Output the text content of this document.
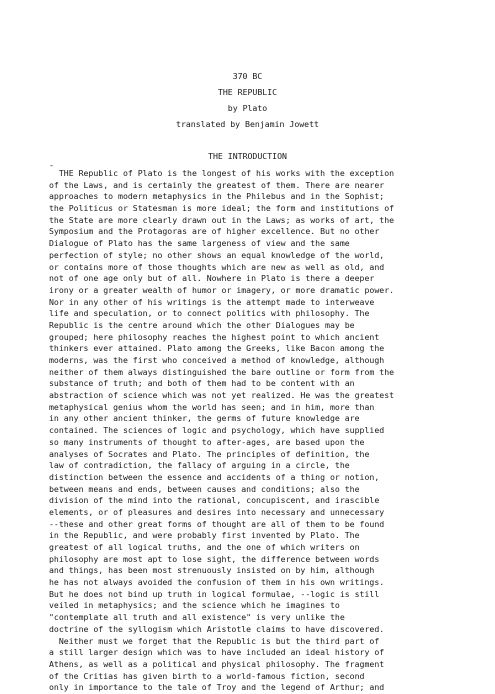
370 BC
THE REPUBLIC
by Plato
translated by Benjamin Jowett
THE INTRODUCTION
-
THE Republic of Plato is the longest of his works with the exception
of the Laws, and is certainly the greatest of them. There are nearer
approaches to modern metaphysics in the Philebus and in the Sophist;
the Politicus or Statesman is more ideal; the form and institutions of
the State are more clearly drawn out in the Laws; as works of art, the
Symposium and the Protagoras are of higher excellence. But no other
Dialogue of Plato has the same largeness of view and the same
perfection of style; no other shows an equal knowledge of the world,
or contains more of those thoughts which are new as well as old, and
not of one age only but of all. Nowhere in Plato is there a deeper
irony or a greater wealth of humor or imagery, or more dramatic power.
Nor in any other of his writings is the attempt made to interweave
life and speculation, or to connect politics with philosophy. The
Republic is the centre around which the other Dialogues may be
grouped; here philosophy reaches the highest point to which ancient
thinkers ever attained. Plato among the Greeks, like Bacon among the
moderns, was the first who conceived a method of knowledge, although
neither of them always distinguished the bare outline or form from the
substance of truth; and both of them had to be content with an
abstraction of science which was not yet realized. He was the greatest
metaphysical genius whom the world has seen; and in him, more than
in any other ancient thinker, the germs of future knowledge are
contained. The sciences of logic and psychology, which have supplied
so many instruments of thought to after-ages, are based upon the
analyses of Socrates and Plato. The principles of definition, the
law of contradiction, the fallacy of arguing in a circle, the
distinction between the essence and accidents of a thing or notion,
between means and ends, between causes and conditions; also the
division of the mind into the rational, concupiscent, and irascible
elements, or of pleasures and desires into necessary and unnecessary
--these and other great forms of thought are all of them to be found
in the Republic, and were probably first invented by Plato. The
greatest of all logical truths, and the one of which writers on
philosophy are most apt to lose sight, the difference between words
and things, has been most strenuously insisted on by him, although
he has not always avoided the confusion of them in his own writings.
But he does not bind up truth in logical formulae, --logic is still
veiled in metaphysics; and the science which he imagines to
"contemplate all truth and all existence" is very unlike the
doctrine of the syllogism which Aristotle claims to have discovered.
Neither must we forget that the Republic is but the third part of
a still larger design which was to have included an ideal history of
Athens, as well as a political and physical philosophy. The fragment
of the Critias has given birth to a world-famous fiction, second
only in importance to the tale of Troy and the legend of Arthur; and
